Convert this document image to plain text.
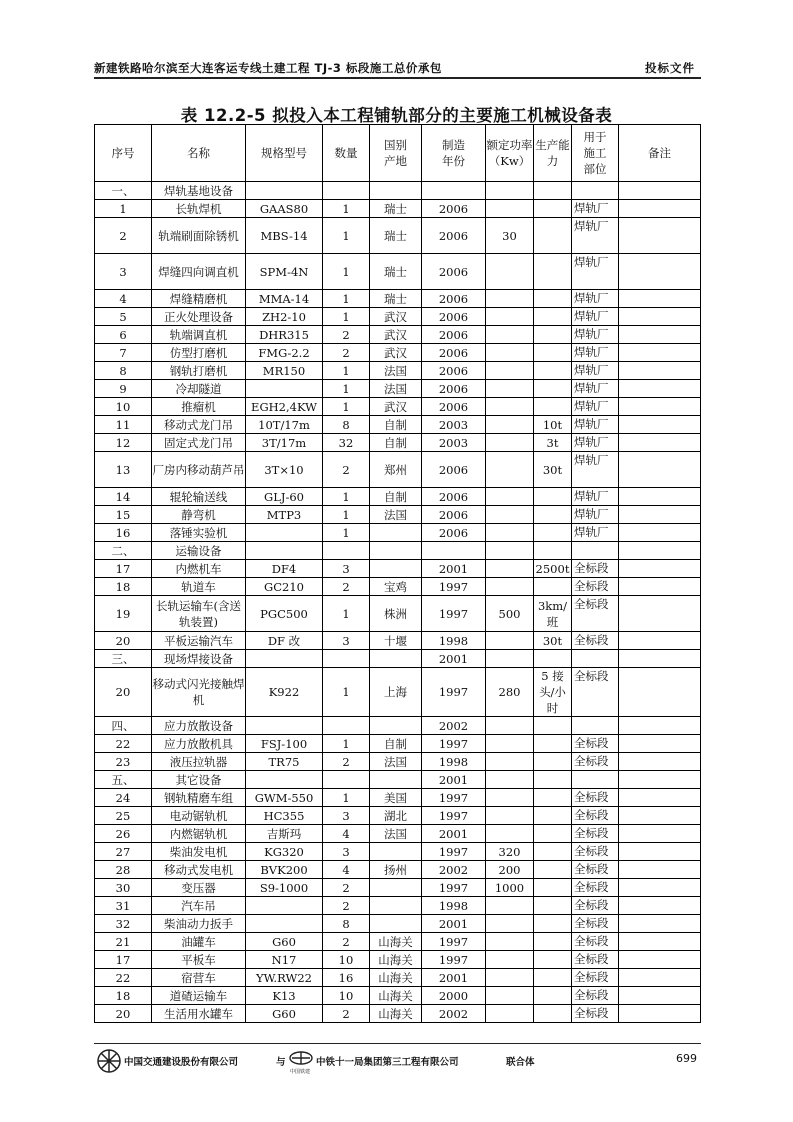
新建铁路哈尔滨至大连客运专线土建工程 TJ-3 标段施工总价承包	投标文件
表 12.2-5 拟投入本工程铺轨部分的主要施工机械设备表
序号	名称	规格型号	数量	国别产地	制造年份	额定功率（Kw）	生产能力	用于施工部位	备注
一、	焊轨基地设备								
1	长轨焊机	GAAS80	1	瑞士	2006			焊轨厂	
2	轨端刷面除锈机	MBS-14	1	瑞士	2006	30		焊轨厂	
3	焊缝四向调直机	SPM-4N	1	瑞士	2006			焊轨厂	
4	焊缝精磨机	MMA-14	1	瑞士	2006			焊轨厂	
5	正火处理设备	ZH2-10	1	武汉	2006			焊轨厂	
6	轨端调直机	DHR315	2	武汉	2006			焊轨厂	
7	仿型打磨机	FMG-2.2	2	武汉	2006			焊轨厂	
8	钢轨打磨机	MR150	1	法国	2006			焊轨厂	
9	冷却隧道		1	法国	2006			焊轨厂	
10	推瘤机	EGH2,4KW	1	武汉	2006			焊轨厂	
11	移动式龙门吊	10T/17m	8	自制	2003		10t	焊轨厂	
12	固定式龙门吊	3T/17m	32	自制	2003		3t	焊轨厂	
13	厂房内移动葫芦吊	3T×10	2	郑州	2006		30t	焊轨厂	
14	辊轮输送线	GLJ-60	1	自制	2006			焊轨厂	
15	静弯机	MTP3	1	法国	2006			焊轨厂	
16	落锤实验机		1		2006			焊轨厂	
二、	运输设备								
17	内燃机车	DF4	3		2001		2500t	全标段	
18	轨道车	GC210	2	宝鸡	1997			全标段	
19	长轨运输车(含送轨装置)	PGC500	1	株洲	1997	500	3km/班	全标段	
20	平板运输汽车	DF 改	3	十堰	1998		30t	全标段	
三、	现场焊接设备				2001				
20	移动式闪光接触焊机	K922	1	上海	1997	280	5 接头/小时	全标段	
四、	应力放散设备				2002				
22	应力放散机具	FSJ-100	1	自制	1997			全标段	
23	液压拉轨器	TR75	2	法国	1998			全标段	
五、	其它设备				2001				
24	钢轨精磨车组	GWM-550	1	美国	1997			全标段	
25	电动锯轨机	HC355	3	湖北	1997			全标段	
26	内燃锯轨机	吉斯玛	4	法国	2001			全标段	
27	柴油发电机	KG320	3		1997	320		全标段	
28	移动式发电机	BVK200	4	扬州	2002	200		全标段	
30	变压器	S9-1000	2		1997	1000		全标段	
31	汽车吊		2		1998			全标段	
32	柴油动力扳手		8		2001			全标段	
21	油罐车	G60	2	山海关	1997			全标段	
17	平板车	N17	10	山海关	1997			全标段	
22	宿营车	YW.RW22	16	山海关	2001			全标段	
18	道碴运输车	K13	10	山海关	2000			全标段	
20	生活用水罐车	G60	2	山海关	2002			全标段	
中国交通建设股份有限公司	与
中国铁建
中铁十一局集团第三工程有限公司	联合体	699
